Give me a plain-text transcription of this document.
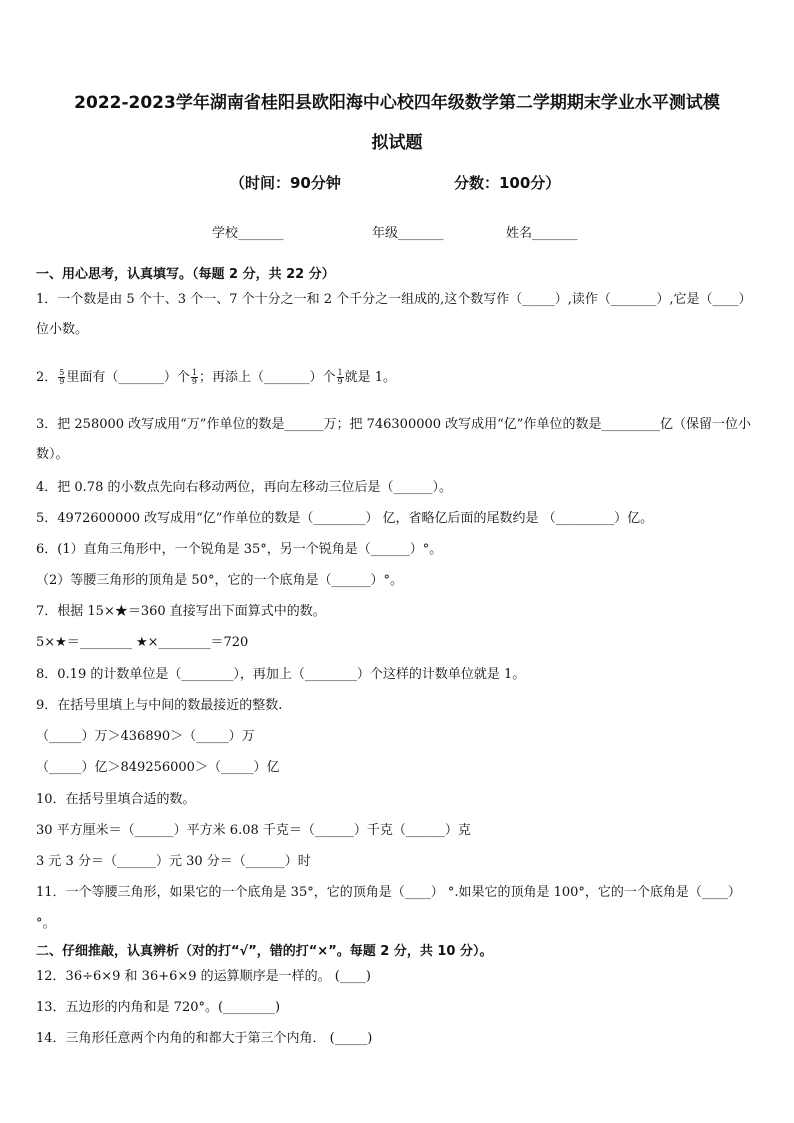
2022-2023学年湖南省桂阳县欧阳海中心校四年级数学第二学期期末学业水平测试模
拟试题
（时间：90分钟	分数：100分）
学校_______	年级_______	姓名_______
一、用心思考，认真填写。（每题 2 分，共 22 分）
1．一个数是由 5 个十、3 个一、7 个十分之一和 2 个千分之一组成的,这个数写作（_____）,读作（_______）,它是（____）位小数。
2． $\frac{5}{9}$ 里面有（_______）个 $\frac{1}{9}$ ；再添上（_______）个 $\frac{1}{9}$ 就是 1。
3．把 258000 改写成用“万”作单位的数是______万；把 746300000 改写成用“亿”作单位的数是_________亿（保留一位小数）。
4．把 0.78 的小数点先向右移动两位，再向左移动三位后是（______）。
5．4972600000 改写成用“亿”作单位的数是（________） 亿，省略亿后面的尾数约是 （_________）亿。
6．(1）直角三角形中，一个锐角是 35°，另一个锐角是（______）°。
（2）等腰三角形的顶角是 50°，它的一个底角是（______）°。
7．根据 15×★＝360 直接写出下面算式中的数。
5×★＝________ ★×________＝720
8．0.19 的计数单位是（________），再加上（________）个这样的计数单位就是 1。
9．在括号里填上与中间的数最接近的整数.
（_____）万＞436890＞（_____）万
（_____）亿＞849256000＞（_____）亿
10．在括号里填合适的数。
30 平方厘米＝（______）平方米 6.08 千克＝（______）千克（______）克
3 元 3 分＝（______）元 30 分＝（______）时
11．一个等腰三角形，如果它的一个底角是 35°，它的顶角是（____） °.如果它的顶角是 100°，它的一个底角是（____） °。
二、仔细推敲，认真辨析（对的打“√”，错的打“×”。每题 2 分，共 10 分）。
12．36÷6×9 和 36+6×9 的运算顺序是一样的。 (____)
13．五边形的内角和是 720°。(________)
14．三角形任意两个内角的和都大于第三个内角． (_____)
